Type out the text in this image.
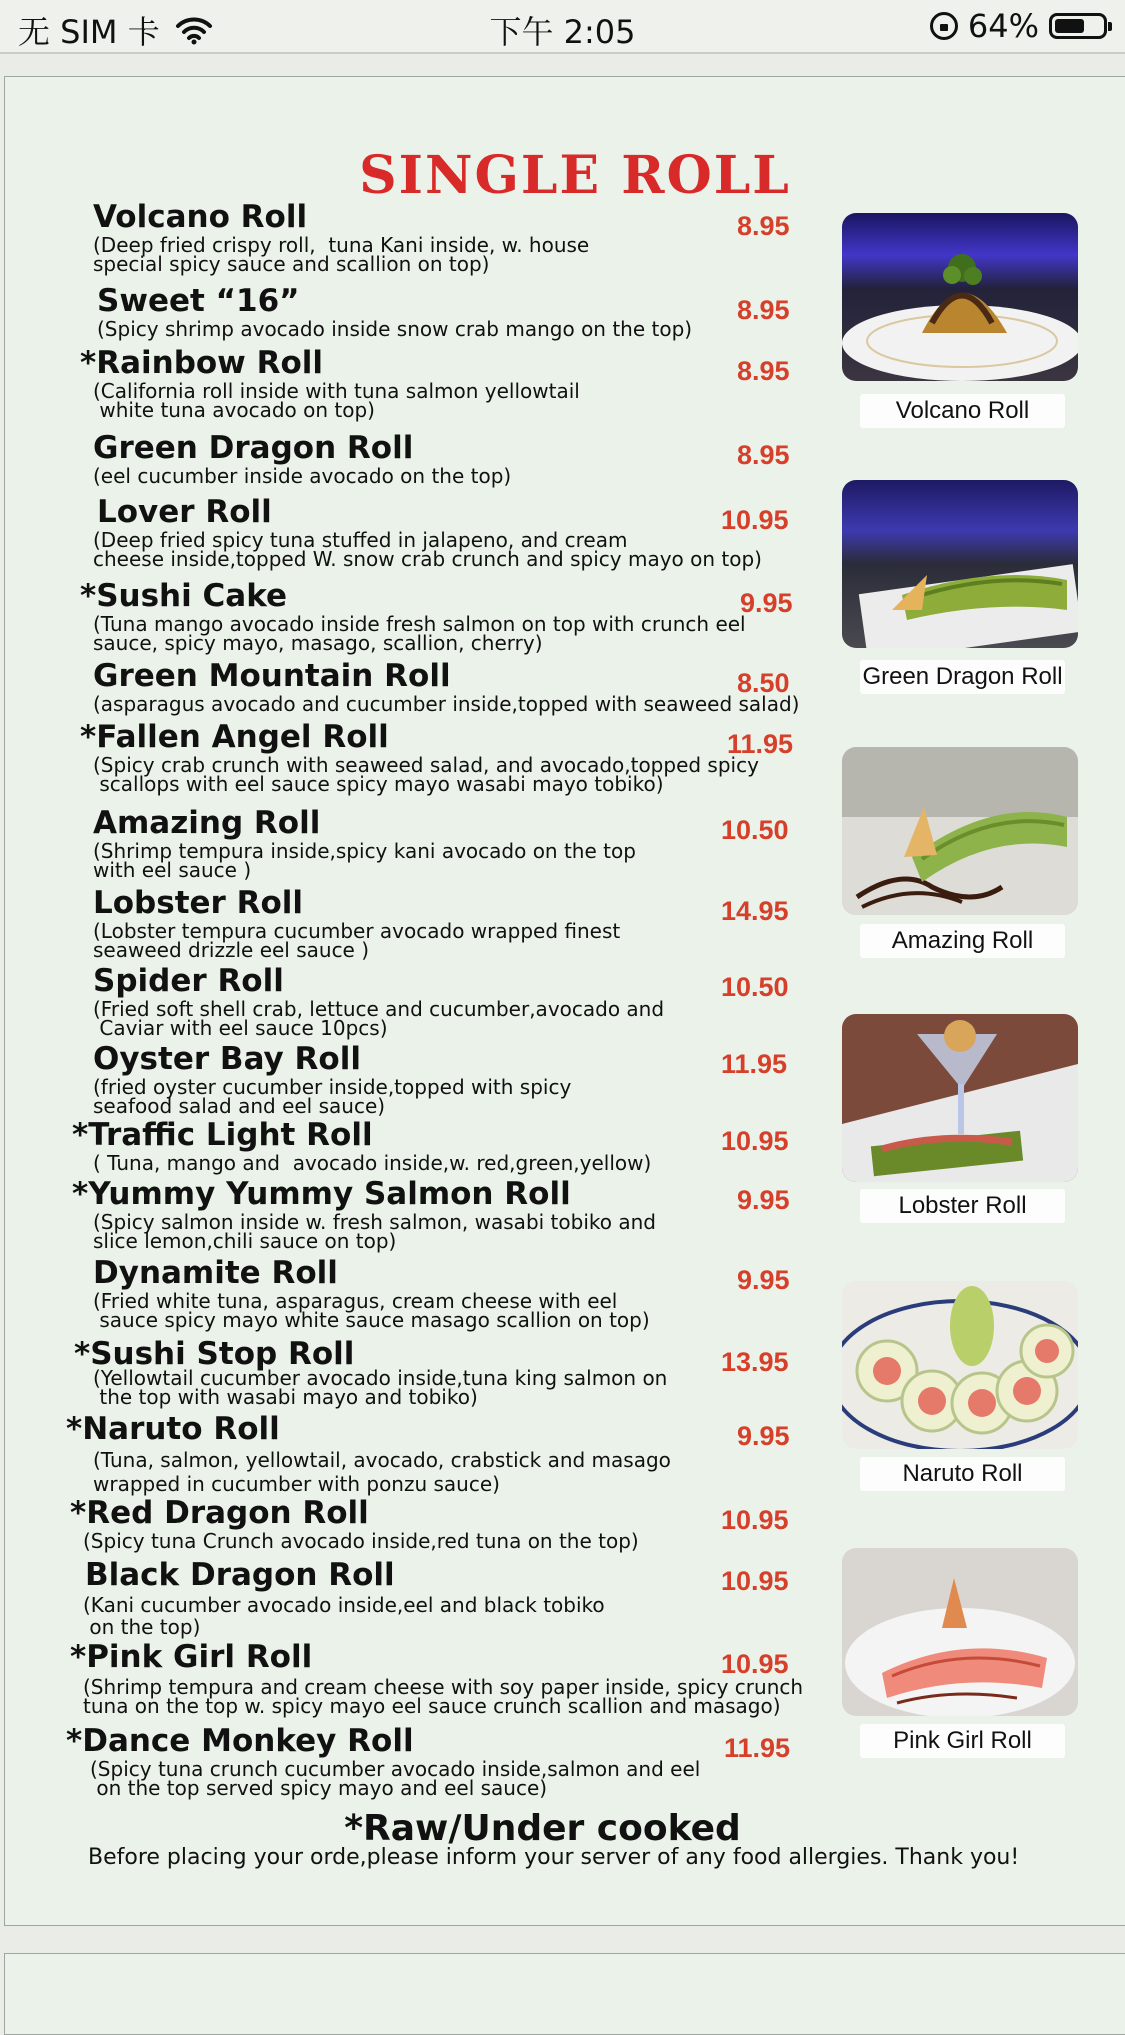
无 SIM 卡	下午 2:05	64%
SINGLE ROLL
Volcano Roll
(Deep fried crispy roll,  tuna Kani inside, w. house
special spicy sauce and scallion on top)
8.95
Sweet “16”
(Spicy shrimp avocado inside snow crab mango on the top)
8.95
*Rainbow Roll
(California roll inside with tuna salmon yellowtail
white tuna avocado on top)
8.95
Green Dragon Roll
(eel cucumber inside avocado on the top)
8.95
Lover Roll
(Deep fried spicy tuna stuffed in jalapeno, and cream
cheese inside,topped W. snow crab crunch and spicy mayo on top)
10.95
*Sushi Cake
(Tuna mango avocado inside fresh salmon on top with crunch eel
sauce, spicy mayo, masago, scallion, cherry)
9.95
Green Mountain Roll
(asparagus avocado and cucumber inside,topped with seaweed salad)
8.50
*Fallen Angel Roll
(Spicy crab crunch with seaweed salad, and avocado,topped spicy
scallops with eel sauce spicy mayo wasabi mayo tobiko)
11.95
Amazing Roll
(Shrimp tempura inside,spicy kani avocado on the top
with eel sauce )
10.50
Lobster Roll
(Lobster tempura cucumber avocado wrapped finest
seaweed drizzle eel sauce )
14.95
Spider Roll
(Fried soft shell crab, lettuce and cucumber,avocado and
Caviar with eel sauce 10pcs)
10.50
Oyster Bay Roll
(fried oyster cucumber inside,topped with spicy
seafood salad and eel sauce)
11.95
*Traffic Light Roll
( Tuna, mango and  avocado inside,w. red,green,yellow)
10.95
*Yummy Yummy Salmon Roll
(Spicy salmon inside w. fresh salmon, wasabi tobiko and
slice lemon,chili sauce on top)
9.95
Dynamite Roll
(Fried white tuna, asparagus, cream cheese with eel
sauce spicy mayo white sauce masago scallion on top)
9.95
*Sushi Stop Roll
(Yellowtail cucumber avocado inside,tuna king salmon on
the top with wasabi mayo and tobiko)
13.95
*Naruto Roll
(Tuna, salmon, yellowtail, avocado, crabstick and masago
wrapped in cucumber with ponzu sauce)
9.95
*Red Dragon Roll
(Spicy tuna Crunch avocado inside,red tuna on the top)
10.95
Black Dragon Roll
(Kani cucumber avocado inside,eel and black tobiko
on the top)
10.95
*Pink Girl Roll
(Shrimp tempura and cream cheese with soy paper inside, spicy crunch
tuna on the top w. spicy mayo eel sauce crunch scallion and masago)
10.95
*Dance Monkey Roll
(Spicy tuna crunch cucumber avocado inside,salmon and eel
on the top served spicy mayo and eel sauce)
11.95
Volcano Roll
Green Dragon Roll
Amazing Roll
Lobster Roll
Naruto Roll
Pink Girl Roll
*Raw/Under cooked
Before placing your orde,please inform your server of any food allergies. Thank you!
